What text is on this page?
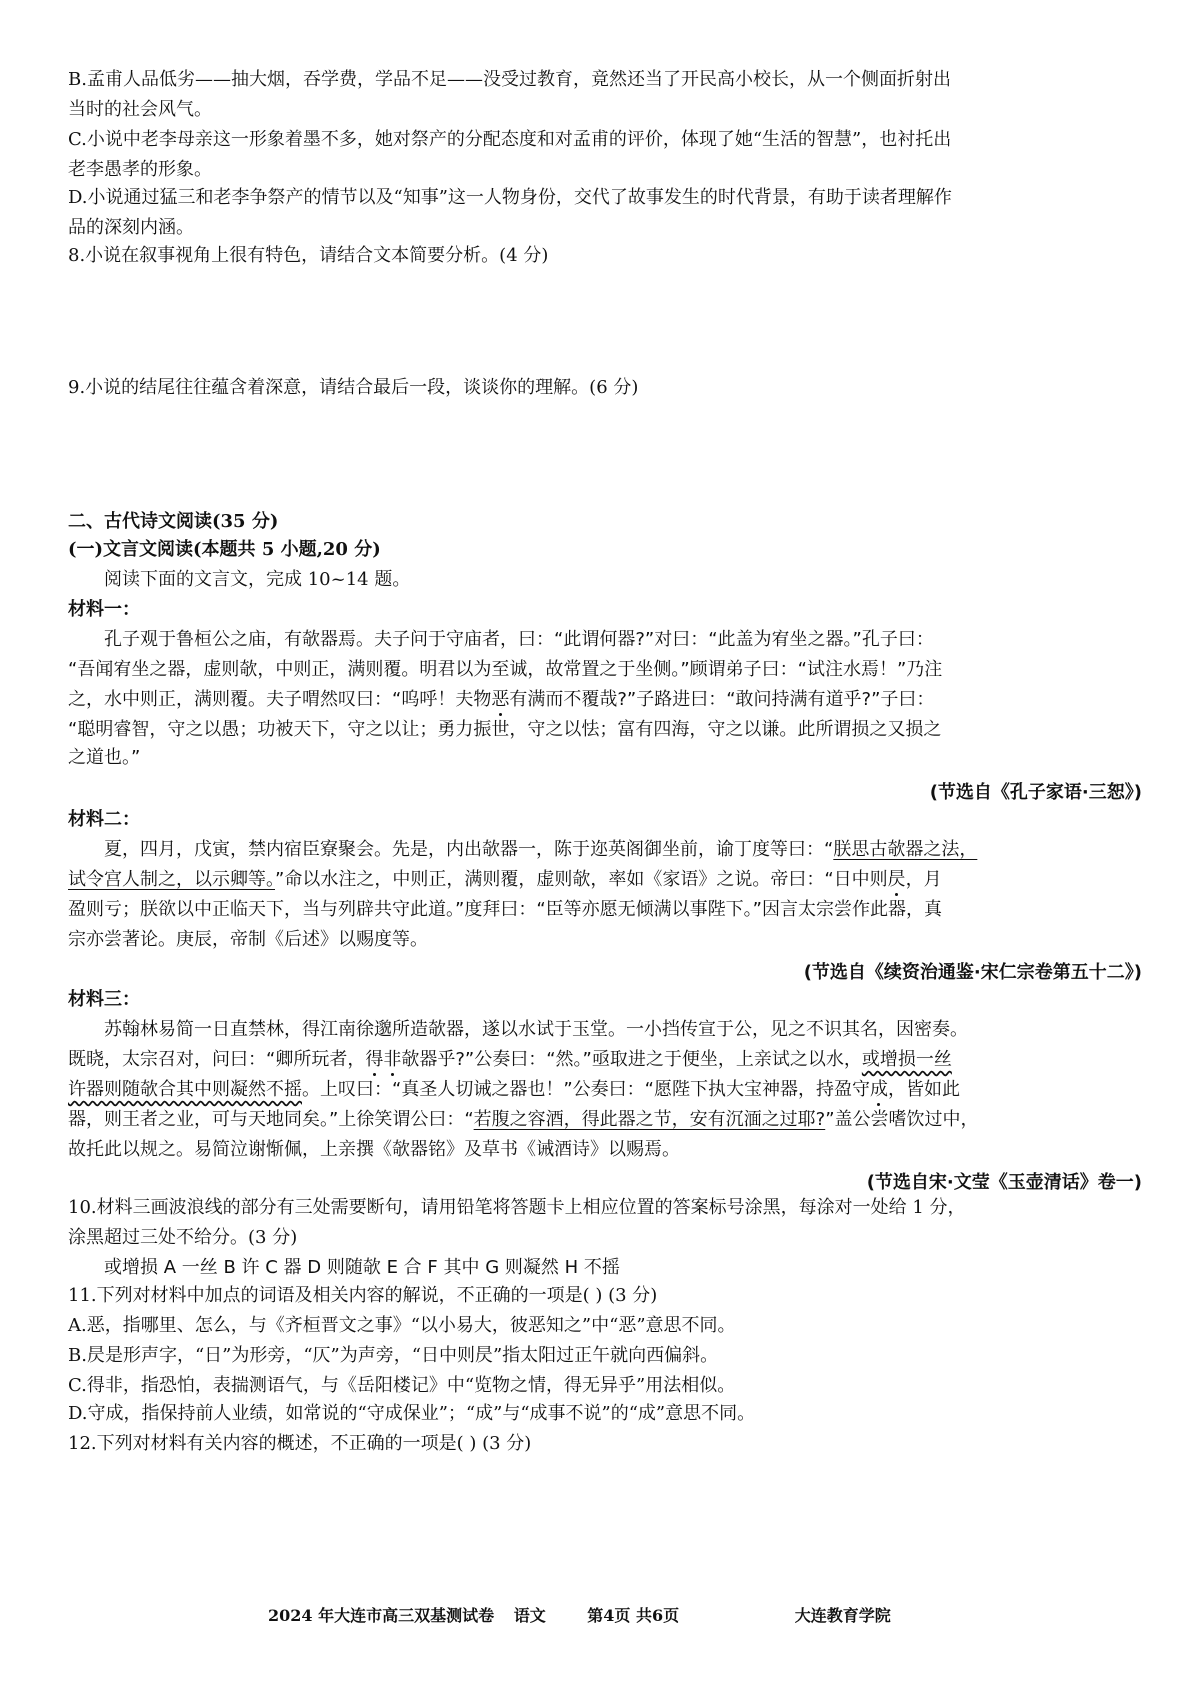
B.孟甫人品低劣——抽大烟，吞学费，学品不足——没受过教育，竟然还当了开民高小校长，从一个侧面折射出
当时的社会风气。
C.小说中老李母亲这一形象着墨不多，她对祭产的分配态度和对孟甫的评价，体现了她“生活的智慧”，也衬托出
老李愚孝的形象。
D.小说通过猛三和老李争祭产的情节以及“知事”这一人物身份，交代了故事发生的时代背景，有助于读者理解作
品的深刻内涵。
8.小说在叙事视角上很有特色，请结合文本简要分析。(4 分)
9.小说的结尾往往蕴含着深意，请结合最后一段，谈谈你的理解。(6 分)
二、古代诗文阅读(35 分)
(一)文言文阅读(本题共 5 小题,20 分)
阅读下面的文言文，完成 10~14 题。
材料一：
孔子观于鲁桓公之庙，有欹器焉。夫子问于守庙者，曰：“此谓何器?”对曰：“此盖为宥坐之器。”孔子曰：
“吾闻宥坐之器，虚则欹，中则正，满则覆。明君以为至诚，故常置之于坐侧。”顾谓弟子曰：“试注水焉！”乃注
之，水中则正，满则覆。夫子喟然叹曰：“呜呼！夫物恶有满而不覆哉?”子路进曰：“敢问持满有道乎?”子曰：
“聪明睿智，守之以愚；功被天下，守之以让；勇力振世，守之以怯；富有四海，守之以谦。此所谓损之又损之
之道也。”
(节选自《孔子家语·三恕》)
材料二：
夏，四月，戊寅，禁内宿臣寮聚会。先是，内出欹器一，陈于迩英阁御坐前，谕丁度等曰：“朕思古欹器之法，
试令宫人制之，以示卿等。”命以水注之，中则正，满则覆，虚则欹，率如《家语》之说。帝曰：“日中则昃，月
盈则亏；朕欲以中正临天下，当与列辟共守此道。”度拜曰：“臣等亦愿无倾满以事陛下。”因言太宗尝作此器，真
宗亦尝著论。庚辰，帝制《后述》以赐度等。
(节选自《续资治通鉴·宋仁宗卷第五十二》)
材料三：
苏翰林易简一日直禁林，得江南徐邈所造欹器，遂以水试于玉堂。一小挡传宣于公，见之不识其名，因密奏。
既晓，太宗召对，问曰：“卿所玩者，得非欹器乎?”公奏曰：“然。”亟取进之于便坐，上亲试之以水，或增损一丝
许器则随欹合其中则凝然不摇。上叹曰：“真圣人切诫之器也！”公奏曰：“愿陛下执大宝神器，持盈守成，皆如此
器，则王者之业，可与天地同矣。”上徐笑谓公曰：“若腹之容酒，得此器之节，安有沉湎之过耶?”盖公尝嗜饮过中，
故托此以规之。易简泣谢惭佩，上亲撰《欹器铭》及草书《诫酒诗》以赐焉。
(节选自宋·文莹《玉壶清话》卷一)
10.材料三画波浪线的部分有三处需要断句，请用铅笔将答题卡上相应位置的答案标号涂黑，每涂对一处给 1 分，
涂黑超过三处不给分。(3 分)
或增损 A 一丝 B 许 C 器 D 则随欹 E 合 F 其中 G 则凝然 H 不摇
11.下列对材料中加点的词语及相关内容的解说，不正确的一项是( ) (3 分)
A.恶，指哪里、怎么，与《齐桓晋文之事》“以小易大，彼恶知之”中“恶”意思不同。
B.昃是形声字，“日”为形旁，“仄”为声旁，“日中则昃”指太阳过正午就向西偏斜。
C.得非，指恐怕，表揣测语气，与《岳阳楼记》中“览物之情，得无异乎”用法相似。
D.守成，指保持前人业绩，如常说的“守成保业”；“成”与“成事不说”的“成”意思不同。
12.下列对材料有关内容的概述，不正确的一项是( ) (3 分)
2024 年大连市高三双基测试卷 语文	第4页 共6页	大连教育学院
